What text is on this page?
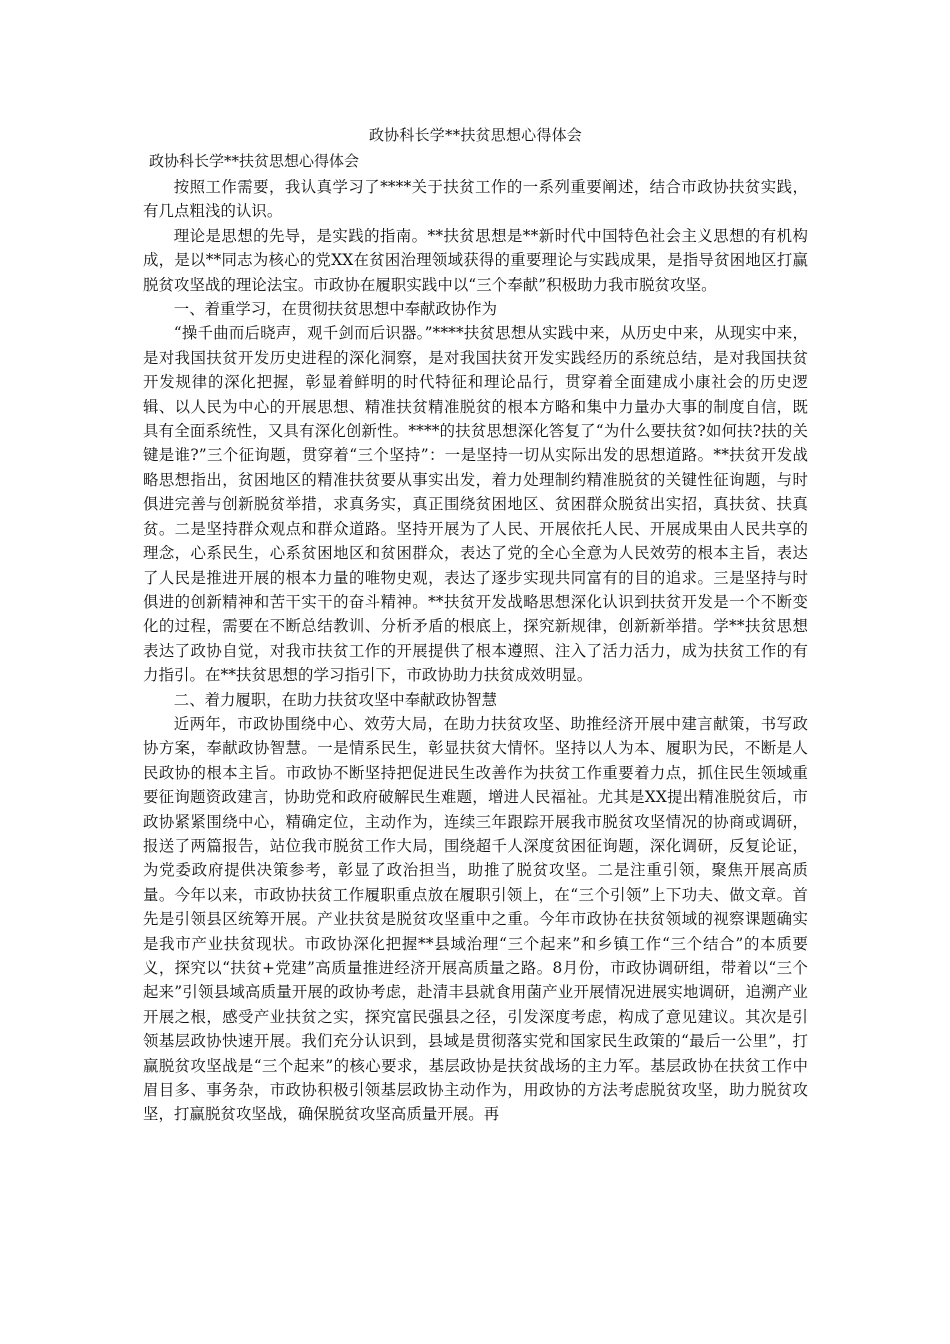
政协科长学**扶贫思想心得体会
政协科长学**扶贫思想心得体会

按照工作需要，我认真学习了****关于扶贫工作的一系列重要阐述，结合市政协扶贫实践，有几点粗浅的认识。

理论是思想的先导，是实践的指南。**扶贫思想是**新时代中国特色社会主义思想的有机构成，是以**同志为核心的党XX在贫困治理领域获得的重要理论与实践成果，是指导贫困地区打赢脱贫攻坚战的理论法宝。市政协在履职实践中以“三个奉献”积极助力我市脱贫攻坚。

一、着重学习，在贯彻扶贫思想中奉献政协作为

“操千曲而后晓声，观千剑而后识器。”****扶贫思想从实践中来，从历史中来，从现实中来，是对我国扶贫开发历史进程的深化洞察，是对我国扶贫开发实践经历的系统总结，是对我国扶贫开发规律的深化把握，彰显着鲜明的时代特征和理论品行，贯穿着全面建成小康社会的历史逻辑、以人民为中心的开展思想、精准扶贫精准脱贫的根本方略和集中力量办大事的制度自信，既具有全面系统性，又具有深化创新性。****的扶贫思想深化答复了“为什么要扶贫?如何扶?扶的关键是谁?”三个征询题，贯穿着“三个坚持”：一是坚持一切从实际出发的思想道路。**扶贫开发战略思想指出，贫困地区的精准扶贫要从事实出发，着力处理制约精准脱贫的关键性征询题，与时俱进完善与创新脱贫举措，求真务实，真正围绕贫困地区、贫困群众脱贫出实招，真扶贫、扶真贫。二是坚持群众观点和群众道路。坚持开展为了人民、开展依托人民、开展成果由人民共享的理念，心系民生，心系贫困地区和贫困群众，表达了党的全心全意为人民效劳的根本主旨，表达了人民是推进开展的根本力量的唯物史观，表达了逐步实现共同富有的目的追求。三是坚持与时俱进的创新精神和苦干实干的奋斗精神。**扶贫开发战略思想深化认识到扶贫开发是一个不断变化的过程，需要在不断总结教训、分析矛盾的根底上，探究新规律，创新新举措。学**扶贫思想表达了政协自觉，对我市扶贫工作的开展提供了根本遵照、注入了活力活力，成为扶贫工作的有力指引。在**扶贫思想的学习指引下，市政协助力扶贫成效明显。

二、着力履职，在助力扶贫攻坚中奉献政协智慧

近两年，市政协围绕中心、效劳大局，在助力扶贫攻坚、助推经济开展中建言献策，书写政协方案，奉献政协智慧。一是情系民生，彰显扶贫大情怀。坚持以人为本、履职为民，不断是人民政协的根本主旨。市政协不断坚持把促进民生改善作为扶贫工作重要着力点，抓住民生领域重要征询题资政建言，协助党和政府破解民生难题，增进人民福祉。尤其是XX提出精准脱贫后，市政协紧紧围绕中心，精确定位，主动作为，连续三年跟踪开展我市脱贫攻坚情况的协商或调研，报送了两篇报告，站位我市脱贫工作大局，围绕超千人深度贫困征询题，深化调研，反复论证，为党委政府提供决策参考，彰显了政治担当，助推了脱贫攻坚。二是注重引领，聚焦开展高质量。今年以来，市政协扶贫工作履职重点放在履职引领上，在“三个引领”上下功夫、做文章。首先是引领县区统筹开展。产业扶贫是脱贫攻坚重中之重。今年市政协在扶贫领域的视察课题确实是我市产业扶贫现状。市政协深化把握**县域治理“三个起来”和乡镇工作“三个结合”的本质要义，探究以“扶贫+党建”高质量推进经济开展高质量之路。8月份，市政协调研组，带着以“三个起来”引领县域高质量开展的政协考虑，赴清丰县就食用菌产业开展情况进展实地调研，追溯产业开展之根，感受产业扶贫之实，探究富民强县之径，引发深度考虑，构成了意见建议。其次是引领基层政协快速开展。我们充分认识到，县域是贯彻落实党和国家民生政策的“最后一公里”，打赢脱贫攻坚战是“三个起来”的核心要求，基层政协是扶贫战场的主力军。基层政协在扶贫工作中眉目多、事务杂，市政协积极引领基层政协主动作为，用政协的方法考虑脱贫攻坚，助力脱贫攻坚，打赢脱贫攻坚战，确保脱贫攻坚高质量开展。再
